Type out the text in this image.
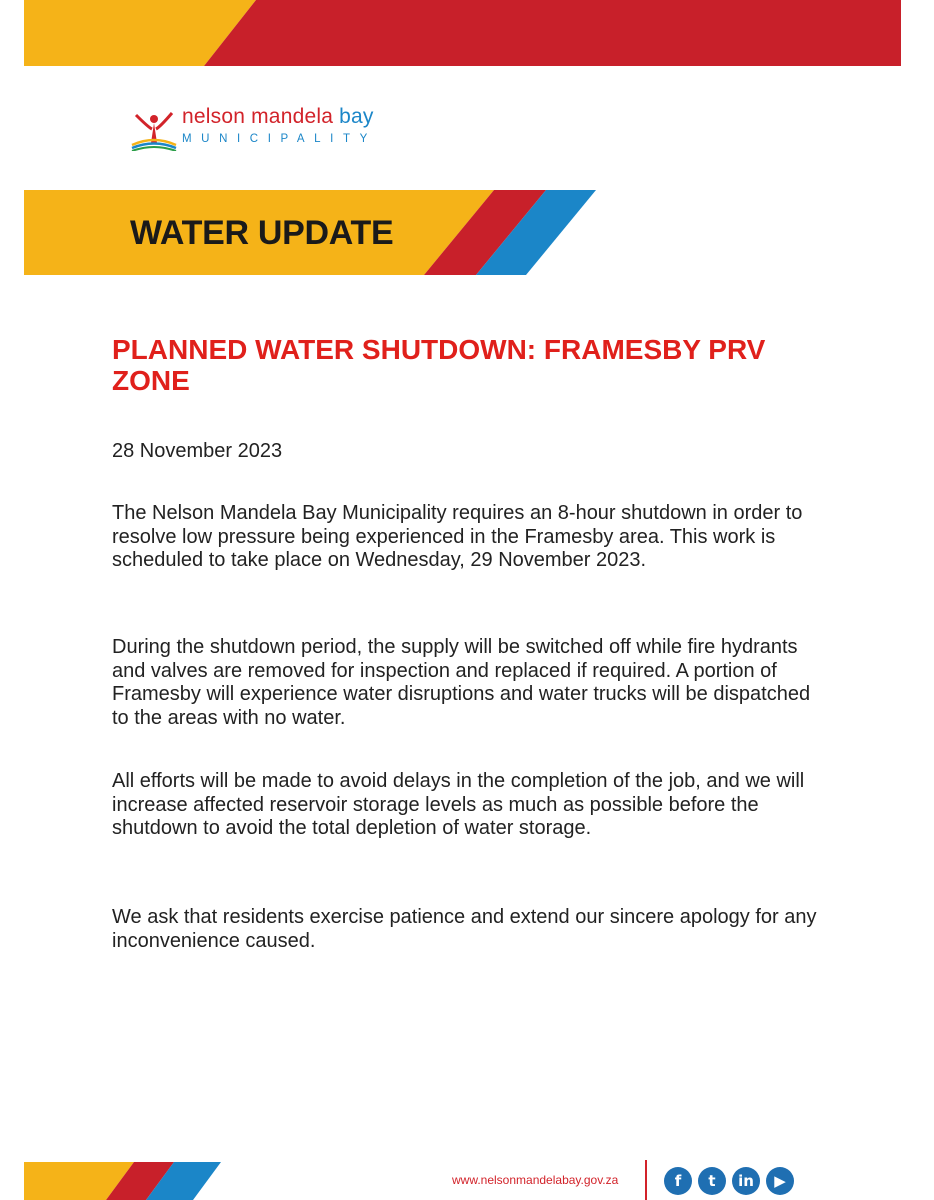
nelson mandela bay
MUNICIPALITY
WATER UPDATE
PLANNED WATER SHUTDOWN: FRAMESBY PRV ZONE
28 November 2023

The Nelson Mandela Bay Municipality requires an 8-hour shutdown in order to resolve low pressure being experienced in the Framesby area. This work is scheduled to take place on Wednesday, 29 November 2023.

During the shutdown period, the supply will be switched off while fire hydrants and valves are removed for inspection and replaced if required. A portion of Framesby will experience water disruptions and water trucks will be dispatched to the areas with no water.

All efforts will be made to avoid delays in the completion of the job, and we will increase affected reservoir storage levels as much as possible before the shutdown to avoid the total depletion of water storage.

We ask that residents exercise patience and extend our sincere apology for any inconvenience caused.

www.nelsonmandelabay.gov.za	f	t	in	▶
